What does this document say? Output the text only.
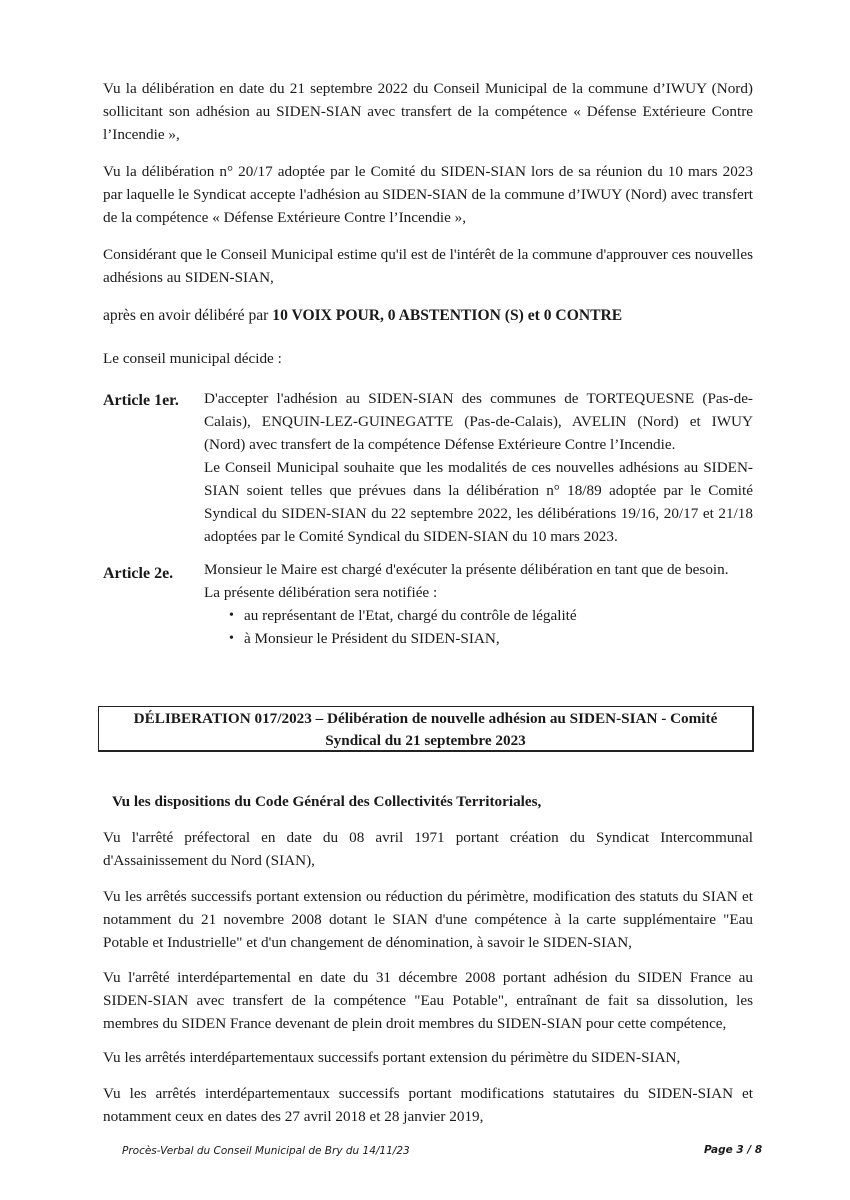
Vu la délibération en date du 21 septembre 2022 du Conseil Municipal de la commune d’IWUY (Nord) sollicitant son adhésion au SIDEN-SIAN avec transfert de la compétence « Défense Extérieure Contre l’Incendie »,

Vu la délibération n° 20/17 adoptée par le Comité du SIDEN-SIAN lors de sa réunion du 10 mars 2023 par laquelle le Syndicat accepte l'adhésion au SIDEN-SIAN de la commune d’IWUY (Nord) avec transfert de la compétence « Défense Extérieure Contre l’Incendie »,

Considérant que le Conseil Municipal estime qu'il est de l'intérêt de la commune d'approuver ces nouvelles adhésions au SIDEN-SIAN,

après en avoir délibéré par 10 VOIX POUR, 0 ABSTENTION (S) et 0 CONTRE

Le conseil municipal décide :

Article 1er. D'accepter l'adhésion au SIDEN-SIAN des communes de TORTEQUESNE (Pas-de-Calais), ENQUIN-LEZ-GUINEGATTE (Pas-de-Calais), AVELIN (Nord) et IWUY (Nord) avec transfert de la compétence Défense Extérieure Contre l’Incendie.

Le Conseil Municipal souhaite que les modalités de ces nouvelles adhésions au SIDEN-SIAN soient telles que prévues dans la délibération n° 18/89 adoptée par le Comité Syndical du SIDEN-SIAN du 22 septembre 2022, les délibérations 19/16, 20/17 et 21/18 adoptées par le Comité Syndical du SIDEN-SIAN du 10 mars 2023.

Article 2e. Monsieur le Maire est chargé d'exécuter la présente délibération en tant que de besoin.

La présente délibération sera notifiée :

• au représentant de l'Etat, chargé du contrôle de légalité
• à Monsieur le Président du SIDEN-SIAN,
DÉLIBERATION 017/2023 – Délibération de nouvelle adhésion au SIDEN-SIAN - Comité
Syndical du 21 septembre 2023

Vu les dispositions du Code Général des Collectivités Territoriales,

Vu l'arrêté préfectoral en date du 08 avril 1971 portant création du Syndicat Intercommunal d'Assainissement du Nord (SIAN),

Vu les arrêtés successifs portant extension ou réduction du périmètre, modification des statuts du SIAN et notamment du 21 novembre 2008 dotant le SIAN d'une compétence à la carte supplémentaire "Eau Potable et Industrielle" et d'un changement de dénomination, à savoir le SIDEN-SIAN,

Vu l'arrêté interdépartemental en date du 31 décembre 2008 portant adhésion du SIDEN France au SIDEN-SIAN avec transfert de la compétence "Eau Potable", entraînant de fait sa dissolution, les membres du SIDEN France devenant de plein droit membres du SIDEN-SIAN pour cette compétence,

Vu les arrêtés interdépartementaux successifs portant extension du périmètre du SIDEN-SIAN,

Vu les arrêtés interdépartementaux successifs portant modifications statutaires du SIDEN-SIAN et notamment ceux en dates des 27 avril 2018 et 28 janvier 2019,

Procès-Verbal du Conseil Municipal de Bry du 14/11/23	Page 3 / 8
